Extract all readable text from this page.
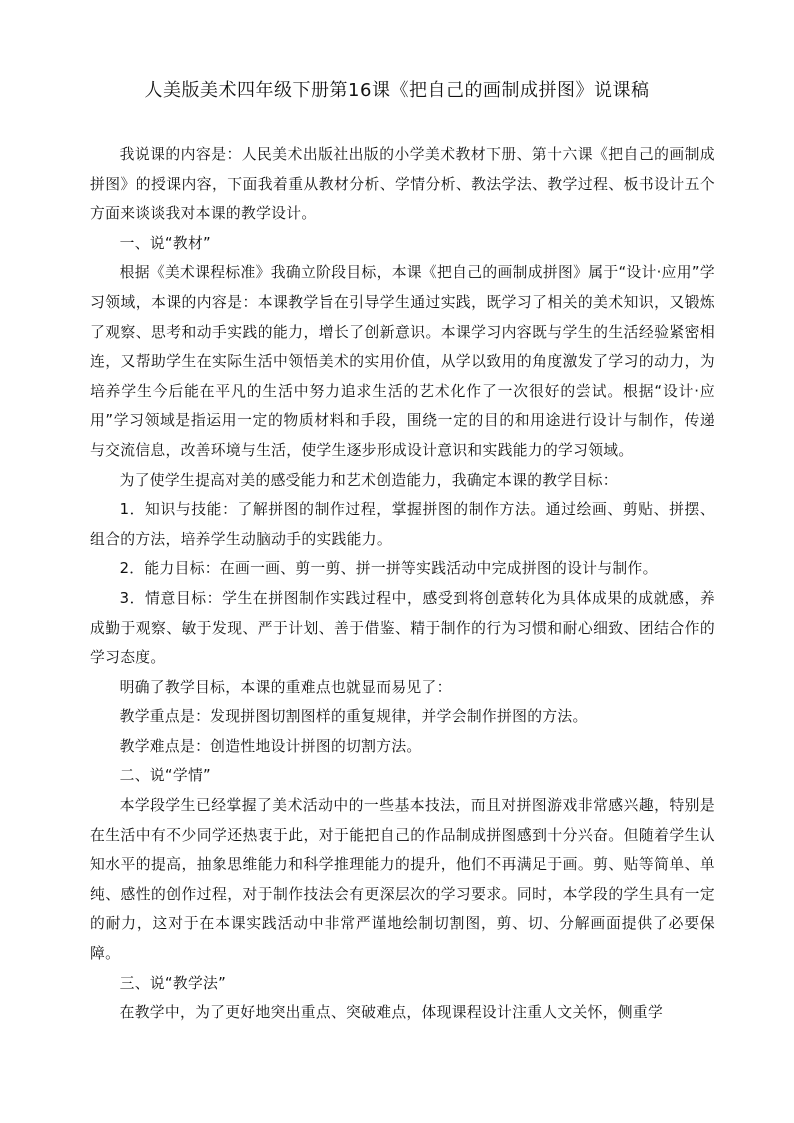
人美版美术四年级下册第16课《把自己的画制成拼图》说课稿

我说课的内容是：人民美术出版社出版的小学美术教材下册、第十六课《把自己的画制成拼图》的授课内容，下面我着重从教材分析、学情分析、教法学法、教学过程、板书设计五个方面来谈谈我对本课的教学设计。

一、说“教材”

根据《美术课程标准》我确立阶段目标，本课《把自己的画制成拼图》属于“设计·应用”学习领域，本课的内容是：本课教学旨在引导学生通过实践，既学习了相关的美术知识，又锻炼了观察、思考和动手实践的能力，增长了创新意识。本课学习内容既与学生的生活经验紧密相连，又帮助学生在实际生活中领悟美术的实用价值，从学以致用的角度激发了学习的动力，为培养学生今后能在平凡的生活中努力追求生活的艺术化作了一次很好的尝试。根据“设计·应用”学习领域是指运用一定的物质材料和手段，围绕一定的目的和用途进行设计与制作，传递与交流信息，改善环境与生活，使学生逐步形成设计意识和实践能力的学习领域。

为了使学生提高对美的感受能力和艺术创造能力，我确定本课的教学目标：

1．知识与技能：了解拼图的制作过程，掌握拼图的制作方法。通过绘画、剪贴、拼摆、组合的方法，培养学生动脑动手的实践能力。

2．能力目标：在画一画、剪一剪、拼一拼等实践活动中完成拼图的设计与制作。

3．情意目标：学生在拼图制作实践过程中，感受到将创意转化为具体成果的成就感，养成勤于观察、敏于发现、严于计划、善于借鉴、精于制作的行为习惯和耐心细致、团结合作的学习态度。

明确了教学目标，本课的重难点也就显而易见了：

教学重点是：发现拼图切割图样的重复规律，并学会制作拼图的方法。

教学难点是：创造性地设计拼图的切割方法。

二、说“学情”

本学段学生已经掌握了美术活动中的一些基本技法，而且对拼图游戏非常感兴趣，特别是在生活中有不少同学还热衷于此，对于能把自己的作品制成拼图感到十分兴奋。但随着学生认知水平的提高，抽象思维能力和科学推理能力的提升，他们不再满足于画。剪、贴等简单、单纯、感性的创作过程，对于制作技法会有更深层次的学习要求。同时，本学段的学生具有一定的耐力，这对于在本课实践活动中非常严谨地绘制切割图，剪、切、分解画面提供了必要保障。

三、说“教学法”

在教学中，为了更好地突出重点、突破难点，体现课程设计注重人文关怀，侧重学
